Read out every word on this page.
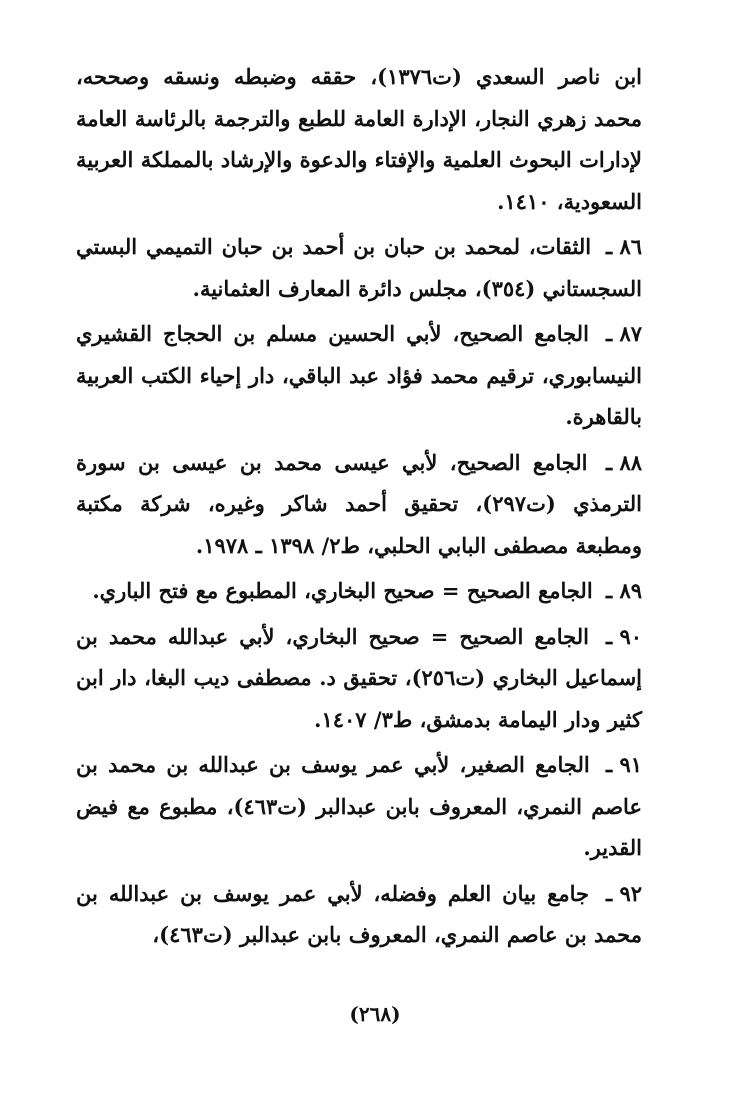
ابن ناصر السعدي (ت١٣٧٦)، حققه وضبطه ونسقه وصححه، محمد زهري النجار، الإدارة العامة للطبع والترجمة بالرئاسة العامة لإدارات البحوث العلمية والإفتاء والدعوة والإرشاد بالمملكة العربية السعودية، ١٤١٠.

٨٦ ـ الثقات، لمحمد بن حبان بن أحمد بن حبان التميمي البستي السجستاني (٣٥٤)، مجلس دائرة المعارف العثمانية.

٨٧ ـ الجامع الصحيح، لأبي الحسين مسلم بن الحجاج القشيري النيسابوري، ترقيم محمد فؤاد عبد الباقي، دار إحياء الكتب العربية بالقاهرة.

٨٨ ـ الجامع الصحيح، لأبي عيسى محمد بن عيسى بن سورة الترمذي (ت٢٩٧)، تحقيق أحمد شاكر وغيره، شركة مكتبة ومطبعة مصطفى البابي الحلبي، ط٢/ ١٣٩٨ ـ ١٩٧٨.

٨٩ ـ الجامع الصحيح = صحيح البخاري، المطبوع مع فتح الباري.

٩٠ ـ الجامع الصحيح = صحيح البخاري، لأبي عبدالله محمد بن إسماعيل البخاري (ت٢٥٦)، تحقيق د. مصطفى ديب البغا، دار ابن كثير ودار اليمامة بدمشق، ط٣/ ١٤٠٧.

٩١ ـ الجامع الصغير، لأبي عمر يوسف بن عبدالله بن محمد بن عاصم النمري، المعروف بابن عبدالبر (ت٤٦٣)، مطبوع مع فيض القدير.

٩٢ ـ جامع بيان العلم وفضله، لأبي عمر يوسف بن عبدالله بن محمد بن عاصم النمري، المعروف بابن عبدالبر (ت٤٦٣)،

(٢٦٨)
